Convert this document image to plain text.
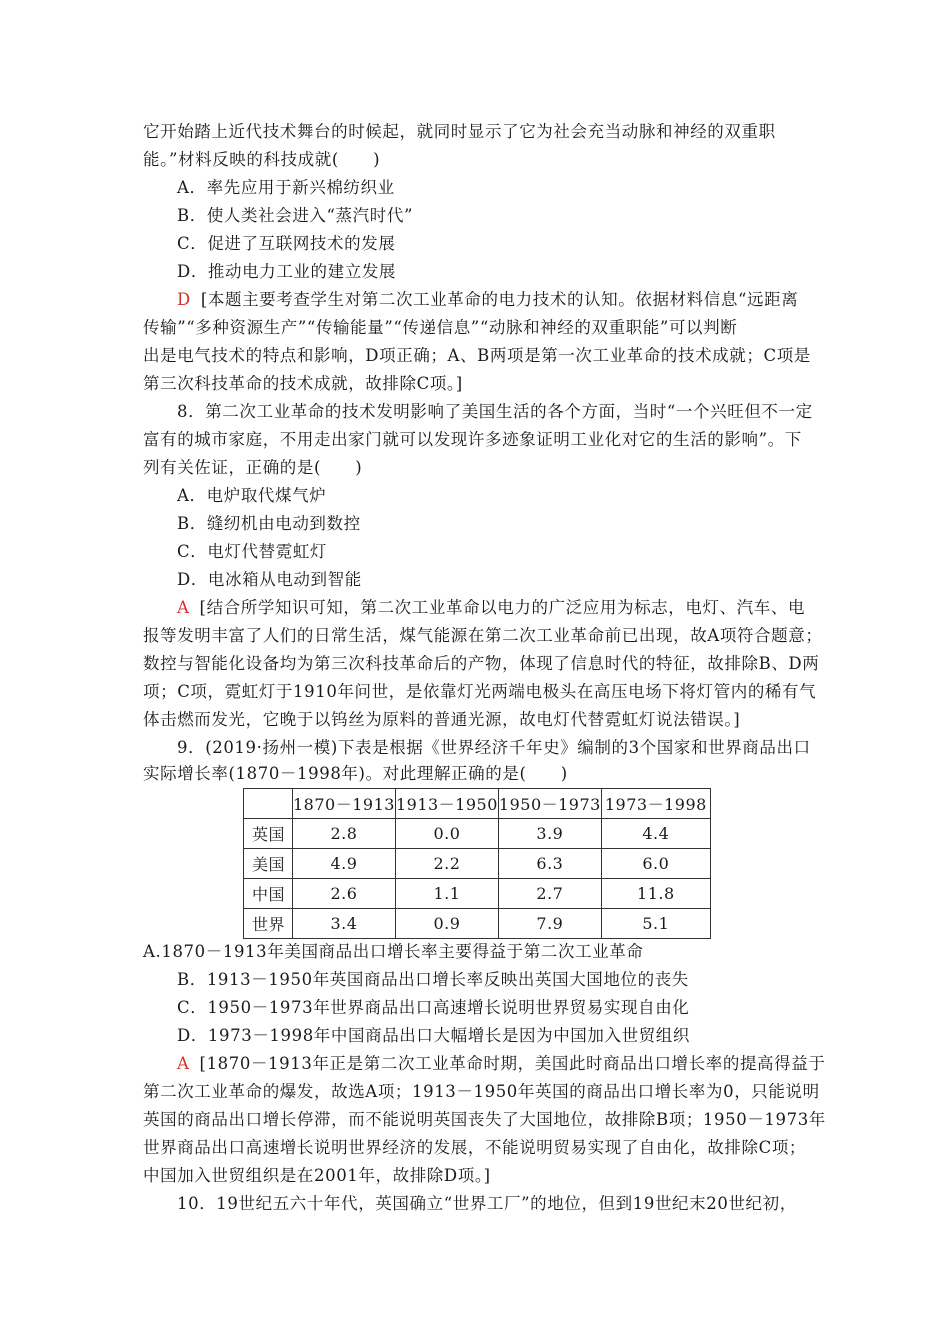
它开始踏上近代技术舞台的时候起，就同时显示了它为社会充当动脉和神经的双重职
能。”材料反映的科技成就(　　)
A．率先应用于新兴棉纺织业
B．使人类社会进入“蒸汽时代”
C．促进了互联网技术的发展
D．推动电力工业的建立发展
D [本题主要考查学生对第二次工业革命的电力技术的认知。依据材料信息“远距离
传输”“多种资源生产”“传输能量”“传递信息”“动脉和神经的双重职能”可以判断
出是电气技术的特点和影响，D项正确；A、B两项是第一次工业革命的技术成就；C项是
第三次科技革命的技术成就，故排除C项。]
8．第二次工业革命的技术发明影响了美国生活的各个方面，当时“一个兴旺但不一定
富有的城市家庭，不用走出家门就可以发现许多迹象证明工业化对它的生活的影响”。下
列有关佐证，正确的是(　　)
A．电炉取代煤气炉
B．缝纫机由电动到数控
C．电灯代替霓虹灯
D．电冰箱从电动到智能
A [结合所学知识可知，第二次工业革命以电力的广泛应用为标志，电灯、汽车、电
报等发明丰富了人们的日常生活，煤气能源在第二次工业革命前已出现，故A项符合题意；
数控与智能化设备均为第三次科技革命后的产物，体现了信息时代的特征，故排除B、D两
项；C项，霓虹灯于1910年问世，是依靠灯光两端电极头在高压电场下将灯管内的稀有气
体击燃而发光，它晚于以钨丝为原料的普通光源，故电灯代替霓虹灯说法错误。]
9．(2019·扬州一模)下表是根据《世界经济千年史》编制的3个国家和世界商品出口
实际增长率(1870－1998年)。对此理解正确的是(　　)
	1870－1913	1913－1950	1950－1973	1973－1998
英国	2.8	0.0	3.9	4.4
美国	4.9	2.2	6.3	6.0
中国	2.6	1.1	2.7	11.8
世界	3.4	0.9	7.9	5.1
A.1870－1913年美国商品出口增长率主要得益于第二次工业革命
B．1913－1950年英国商品出口增长率反映出英国大国地位的丧失
C．1950－1973年世界商品出口高速增长说明世界贸易实现自由化
D．1973－1998年中国商品出口大幅增长是因为中国加入世贸组织
A [1870－1913年正是第二次工业革命时期，美国此时商品出口增长率的提高得益于
第二次工业革命的爆发，故选A项；1913－1950年英国的商品出口增长率为0，只能说明
英国的商品出口增长停滞，而不能说明英国丧失了大国地位，故排除B项；1950－1973年
世界商品出口高速增长说明世界经济的发展，不能说明贸易实现了自由化，故排除C项；
中国加入世贸组织是在2001年，故排除D项。]
10．19世纪五六十年代，英国确立“世界工厂”的地位，但到19世纪末20世纪初，
